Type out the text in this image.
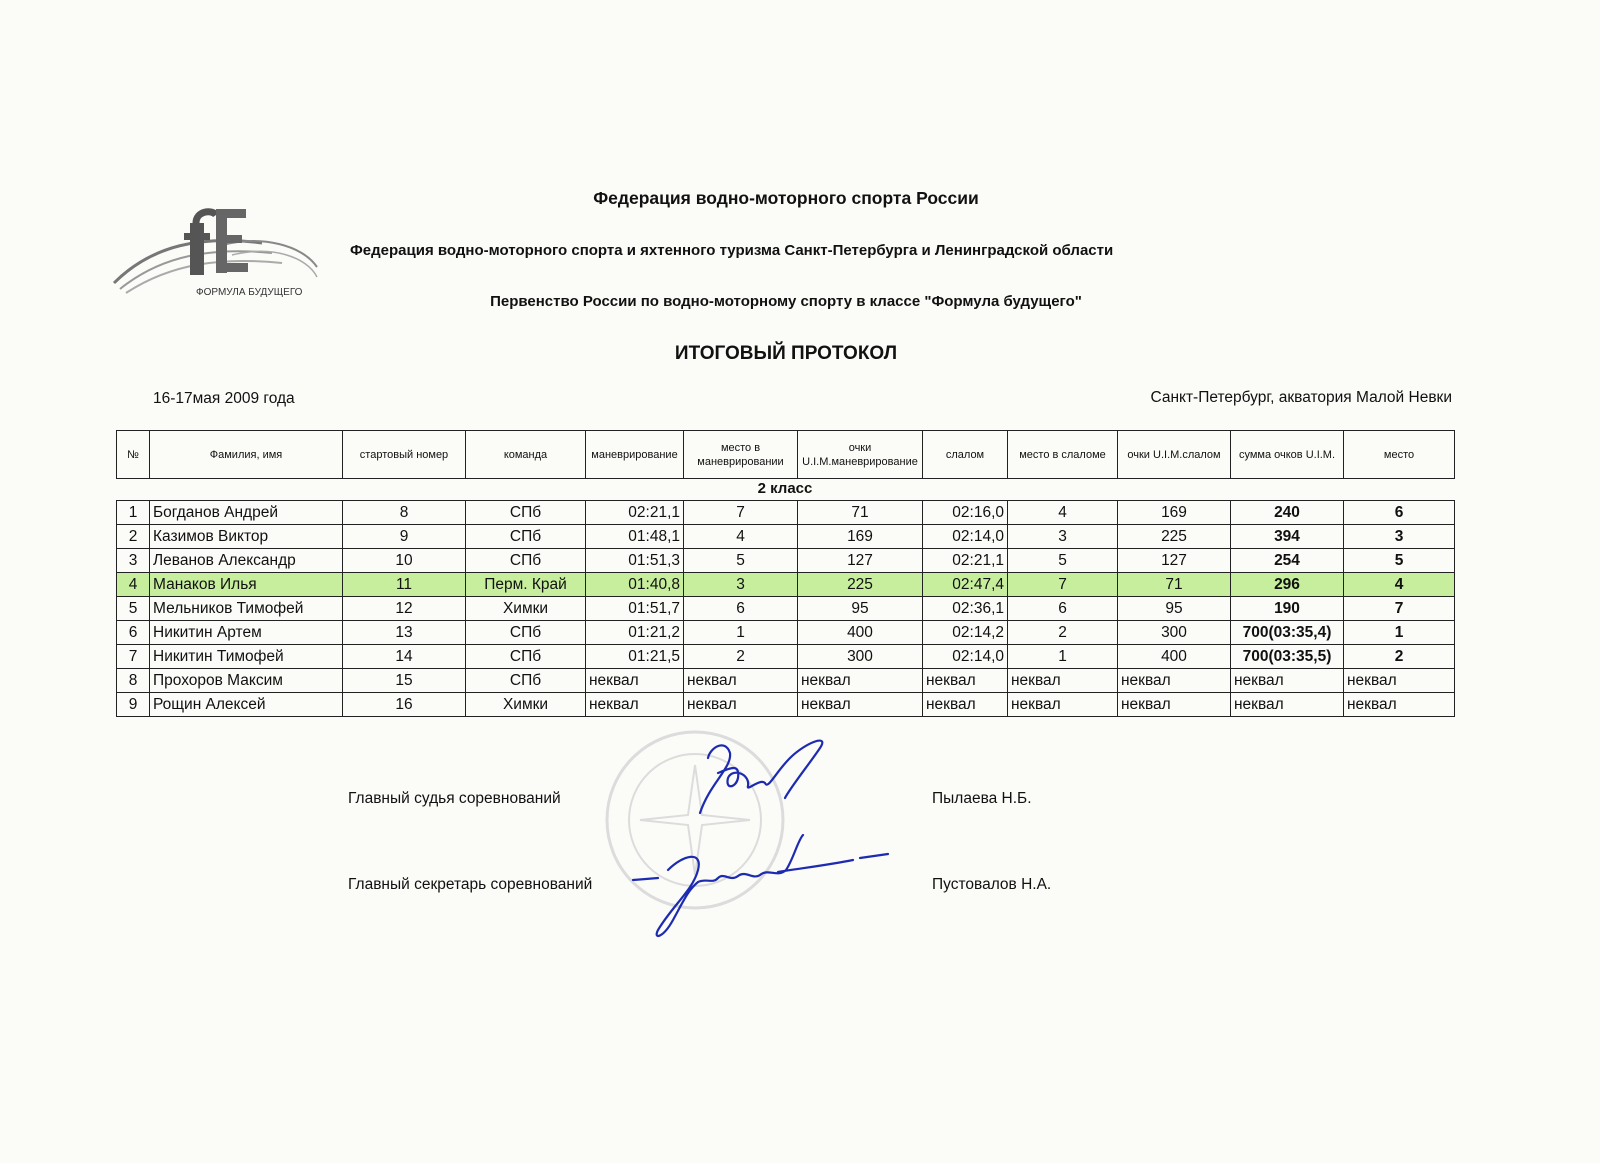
ФОРМУЛА БУДУЩЕГО
Федерация водно-моторного спорта России
Федерация водно-моторного спорта и яхтенного туризма Санкт-Петербурга и Ленинградской области
Первенство России по водно-моторному спорту в классе "Формула будущего"
ИТОГОВЫЙ ПРОТОКОЛ
16-17мая 2009 года	Санкт-Петербург, акватория Малой Невки
№	Фамилия, имя	стартовый номер	команда	маневрирование	место в маневрировании	очки U.I.M.маневрирование	слалом	место в слаломе	очки U.I.M.слалом	сумма очков U.I.M.	место
2 класс
1	Богданов Андрей	8	СПб	02:21,1	7	71	02:16,0	4	169	240	6
2	Казимов Виктор	9	СПб	01:48,1	4	169	02:14,0	3	225	394	3
3	Леванов Александр	10	СПб	01:51,3	5	127	02:21,1	5	127	254	5
4	Манаков Илья	11	Перм. Край	01:40,8	3	225	02:47,4	7	71	296	4
5	Мельников Тимофей	12	Химки	01:51,7	6	95	02:36,1	6	95	190	7
6	Никитин Артем	13	СПб	01:21,2	1	400	02:14,2	2	300	700(03:35,4)	1
7	Никитин Тимофей	14	СПб	01:21,5	2	300	02:14,0	1	400	700(03:35,5)	2
8	Прохоров Максим	15	СПб	неквал	неквал	неквал	неквал	неквал	неквал	неквал	неквал
9	Рощин Алексей	16	Химки	неквал	неквал	неквал	неквал	неквал	неквал	неквал	неквал
Главный судья соревнований	Пылаева Н.Б.
Главный секретарь соревнований	Пустовалов Н.А.
